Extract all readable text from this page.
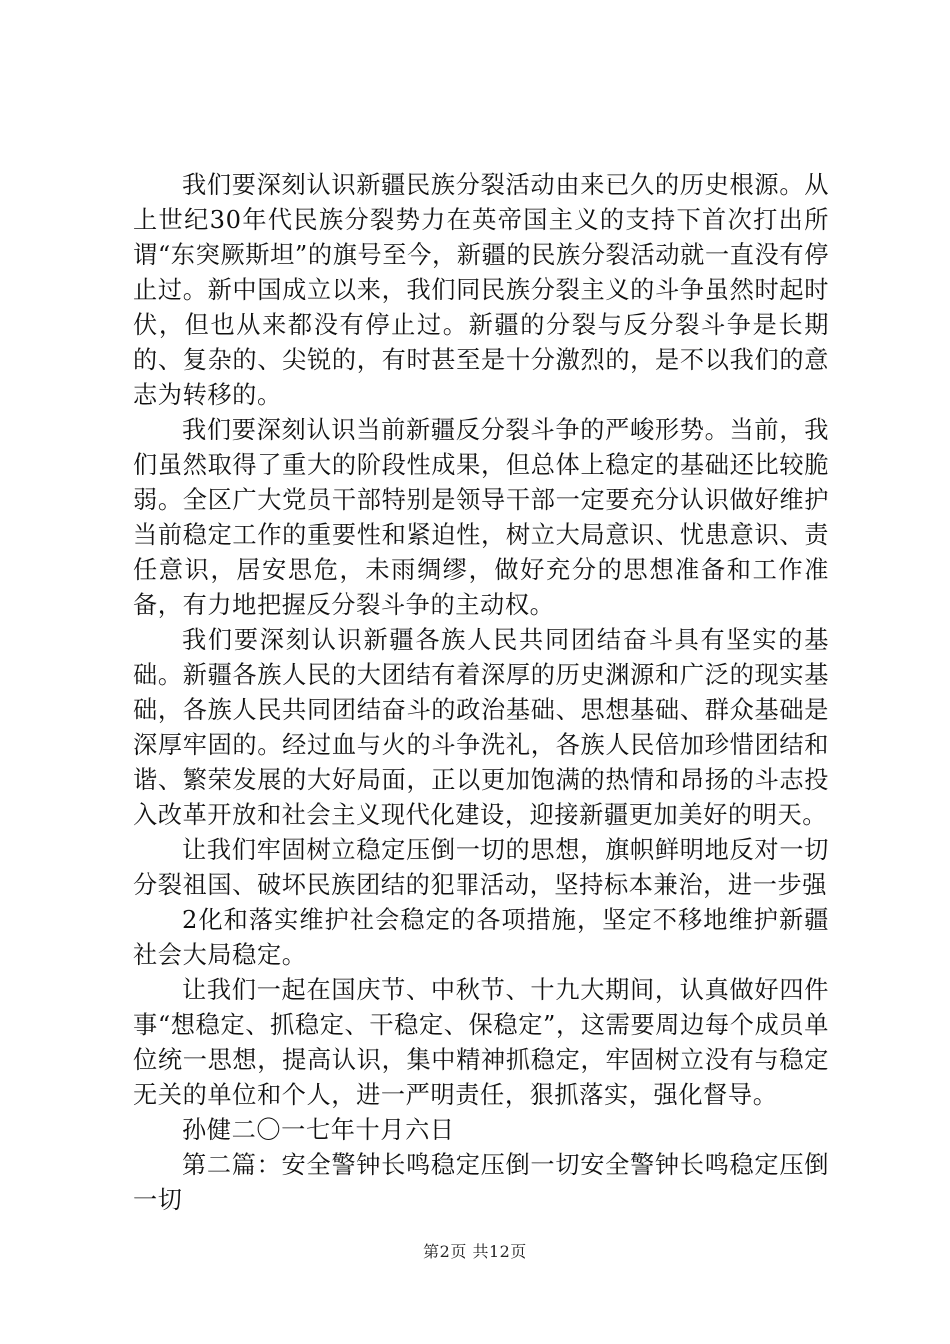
我们要深刻认识新疆民族分裂活动由来已久的历史根源。从上世纪30年代民族分裂势力在英帝国主义的支持下首次打出所谓“东突厥斯坦”的旗号至今，新疆的民族分裂活动就一直没有停止过。新中国成立以来，我们同民族分裂主义的斗争虽然时起时伏，但也从来都没有停止过。新疆的分裂与反分裂斗争是长期的、复杂的、尖锐的，有时甚至是十分激烈的，是不以我们的意志为转移的。

我们要深刻认识当前新疆反分裂斗争的严峻形势。当前，我们虽然取得了重大的阶段性成果，但总体上稳定的基础还比较脆弱。全区广大党员干部特别是领导干部一定要充分认识做好维护当前稳定工作的重要性和紧迫性，树立大局意识、忧患意识、责任意识，居安思危，未雨绸缪，做好充分的思想准备和工作准备，有力地把握反分裂斗争的主动权。

我们要深刻认识新疆各族人民共同团结奋斗具有坚实的基础。新疆各族人民的大团结有着深厚的历史渊源和广泛的现实基础，各族人民共同团结奋斗的政治基础、思想基础、群众基础是深厚牢固的。经过血与火的斗争洗礼，各族人民倍加珍惜团结和谐、繁荣发展的大好局面，正以更加饱满的热情和昂扬的斗志投入改革开放和社会主义现代化建设，迎接新疆更加美好的明天。

让我们牢固树立稳定压倒一切的思想，旗帜鲜明地反对一切分裂祖国、破坏民族团结的犯罪活动，坚持标本兼治，进一步强

2化和落实维护社会稳定的各项措施，坚定不移地维护新疆社会大局稳定。

让我们一起在国庆节、中秋节、十九大期间，认真做好四件事“想稳定、抓稳定、干稳定、保稳定”，这需要周边每个成员单位统一思想，提高认识，集中精神抓稳定，牢固树立没有与稳定无关的单位和个人，进一严明责任，狠抓落实，强化督导。

孙健二〇一七年十月六日

第二篇：安全警钟长鸣稳定压倒一切安全警钟长鸣稳定压倒一切

第2页 共12页
